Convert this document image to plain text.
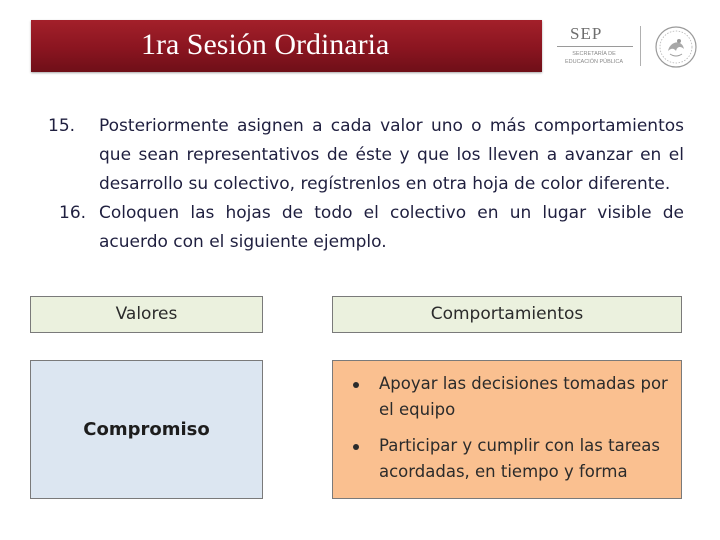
1ra Sesión Ordinaria	SEP
SECRETARÍA DE EDUCACIÓN PÚBLICA
15. Posteriormente asignen a cada valor uno o más comportamientos que sean representativos de éste y que los lleven a avanzar en el desarrollo su colectivo, regístrenlos en otra hoja de color diferente.
16. Coloquen las hojas de todo el colectivo en un lugar visible de acuerdo con el siguiente ejemplo.
Valores	Comportamientos
Compromiso
Apoyar las decisiones tomadas por el equipo
Participar y cumplir con las tareas acordadas, en tiempo y forma
